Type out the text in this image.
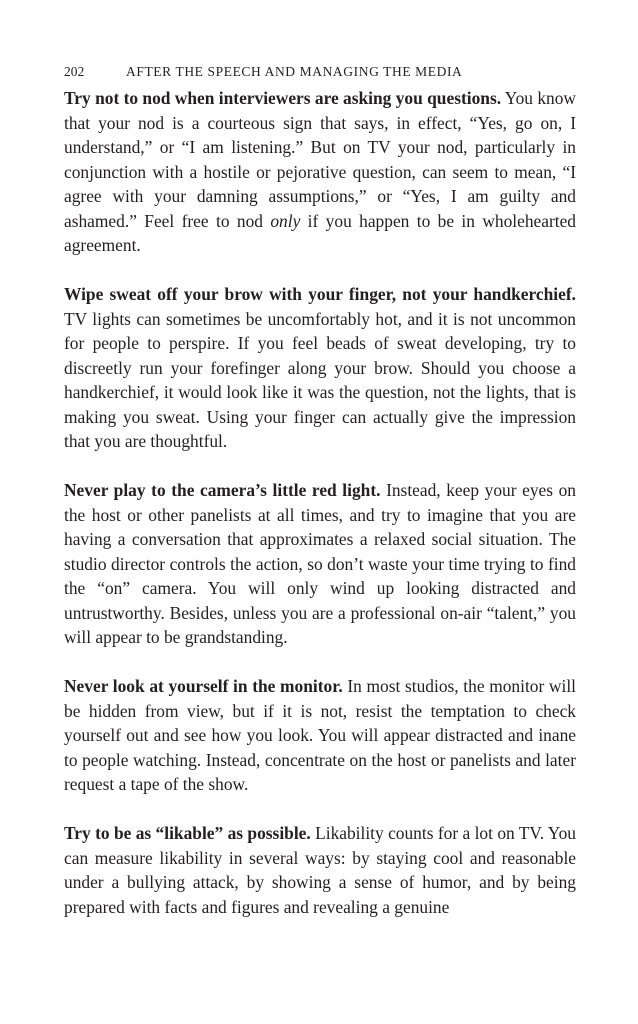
202	AFTER THE SPEECH AND MANAGING THE MEDIA

Try not to nod when interviewers are asking you questions. You know that your nod is a courteous sign that says, in effect, “Yes, go on, I understand,” or “I am listening.” But on TV your nod, particularly in conjunction with a hostile or pejorative question, can seem to mean, “I agree with your damning assumptions,” or “Yes, I am guilty and ashamed.” Feel free to nod only if you happen to be in wholehearted agreement.

Wipe sweat off your brow with your finger, not your handkerchief. TV lights can sometimes be uncomfortably hot, and it is not uncommon for people to perspire. If you feel beads of sweat developing, try to discreetly run your forefinger along your brow. Should you choose a handkerchief, it would look like it was the question, not the lights, that is making you sweat. Using your finger can actually give the impression that you are thoughtful.

Never play to the camera’s little red light. Instead, keep your eyes on the host or other panelists at all times, and try to imagine that you are having a conversation that approximates a relaxed social situation. The studio director controls the action, so don’t waste your time trying to find the “on” camera. You will only wind up looking distracted and untrustworthy. Besides, unless you are a professional on-air “talent,” you will appear to be grandstanding.

Never look at yourself in the monitor. In most studios, the monitor will be hidden from view, but if it is not, resist the temptation to check yourself out and see how you look. You will appear distracted and inane to people watching. Instead, concentrate on the host or panelists and later request a tape of the show.

Try to be as “likable” as possible. Likability counts for a lot on TV. You can measure likability in several ways: by staying cool and reasonable under a bullying attack, by showing a sense of humor, and by being prepared with facts and figures and revealing a genuine
